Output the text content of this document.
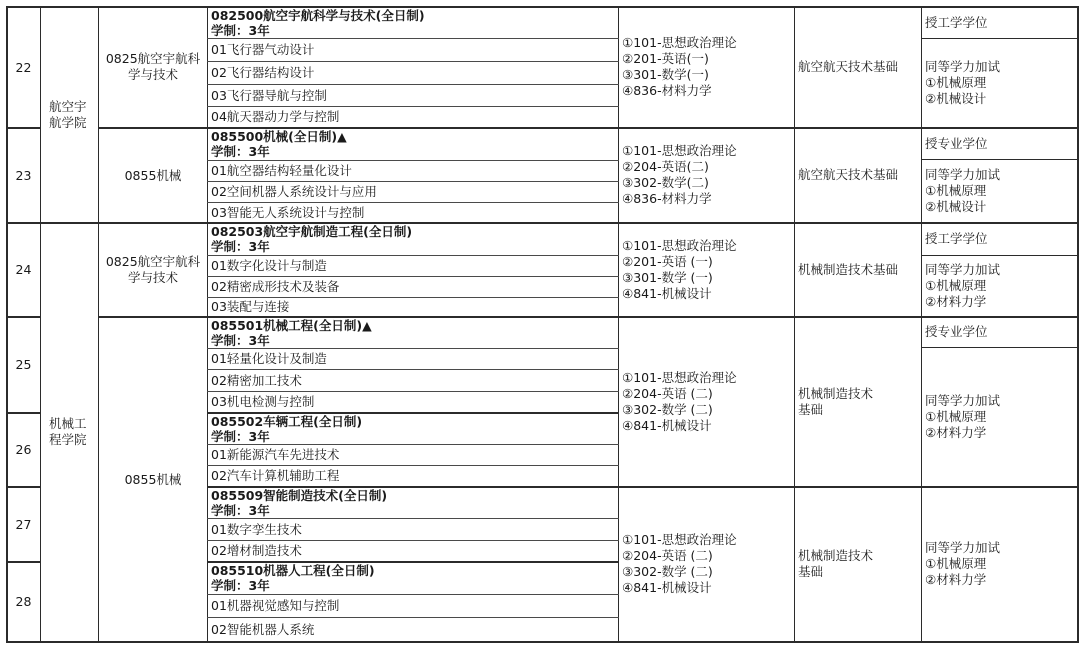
22
23
24
25
26
27
28
航空宇
航学院
机械工
程学院
0825航空宇航科
学与技术
0855机械
0825航空宇航科
学与技术
0855机械
082500航空宇航科学与技术(全日制)
学制：3年
01飞行器气动设计
02飞行器结构设计
03飞行器导航与控制
04航天器动力学与控制
085500机械(全日制)▲
学制：3年
01航空器结构轻量化设计
02空间机器人系统设计与应用
03智能无人系统设计与控制
082503航空宇航制造工程(全日制)
学制：3年
01数字化设计与制造
02精密成形技术及装备
03装配与连接
085501机械工程(全日制)▲
学制：3年
01轻量化设计及制造
02精密加工技术
03机电检测与控制
085502车辆工程(全日制)
学制：3年
01新能源汽车先进技术
02汽车计算机辅助工程
085509智能制造技术(全日制)
学制：3年
01数字孪生技术
02增材制造技术
085510机器人工程(全日制)
学制：3年
01机器视觉感知与控制
02智能机器人系统
①101-思想政治理论
②201-英语(一)
③301-数学(一)
④836-材料力学
①101-思想政治理论
②204-英语(二)
③302-数学(二)
④836-材料力学
①101-思想政治理论
②201-英语 (一)
③301-数学 (一)
④841-机械设计
①101-思想政治理论
②204-英语 (二)
③302-数学 (二)
④841-机械设计
①101-思想政治理论
②204-英语 (二)
③302-数学 (二)
④841-机械设计
航空航天技术基础
航空航天技术基础
机械制造技术基础
机械制造技术
基础
机械制造技术
基础
授工学学位
同等学力加试
①机械原理
②机械设计
授专业学位
同等学力加试
①机械原理
②机械设计
授工学学位
同等学力加试
①机械原理
②材料力学
授专业学位
同等学力加试
①机械原理
②材料力学
同等学力加试
①机械原理
②材料力学
